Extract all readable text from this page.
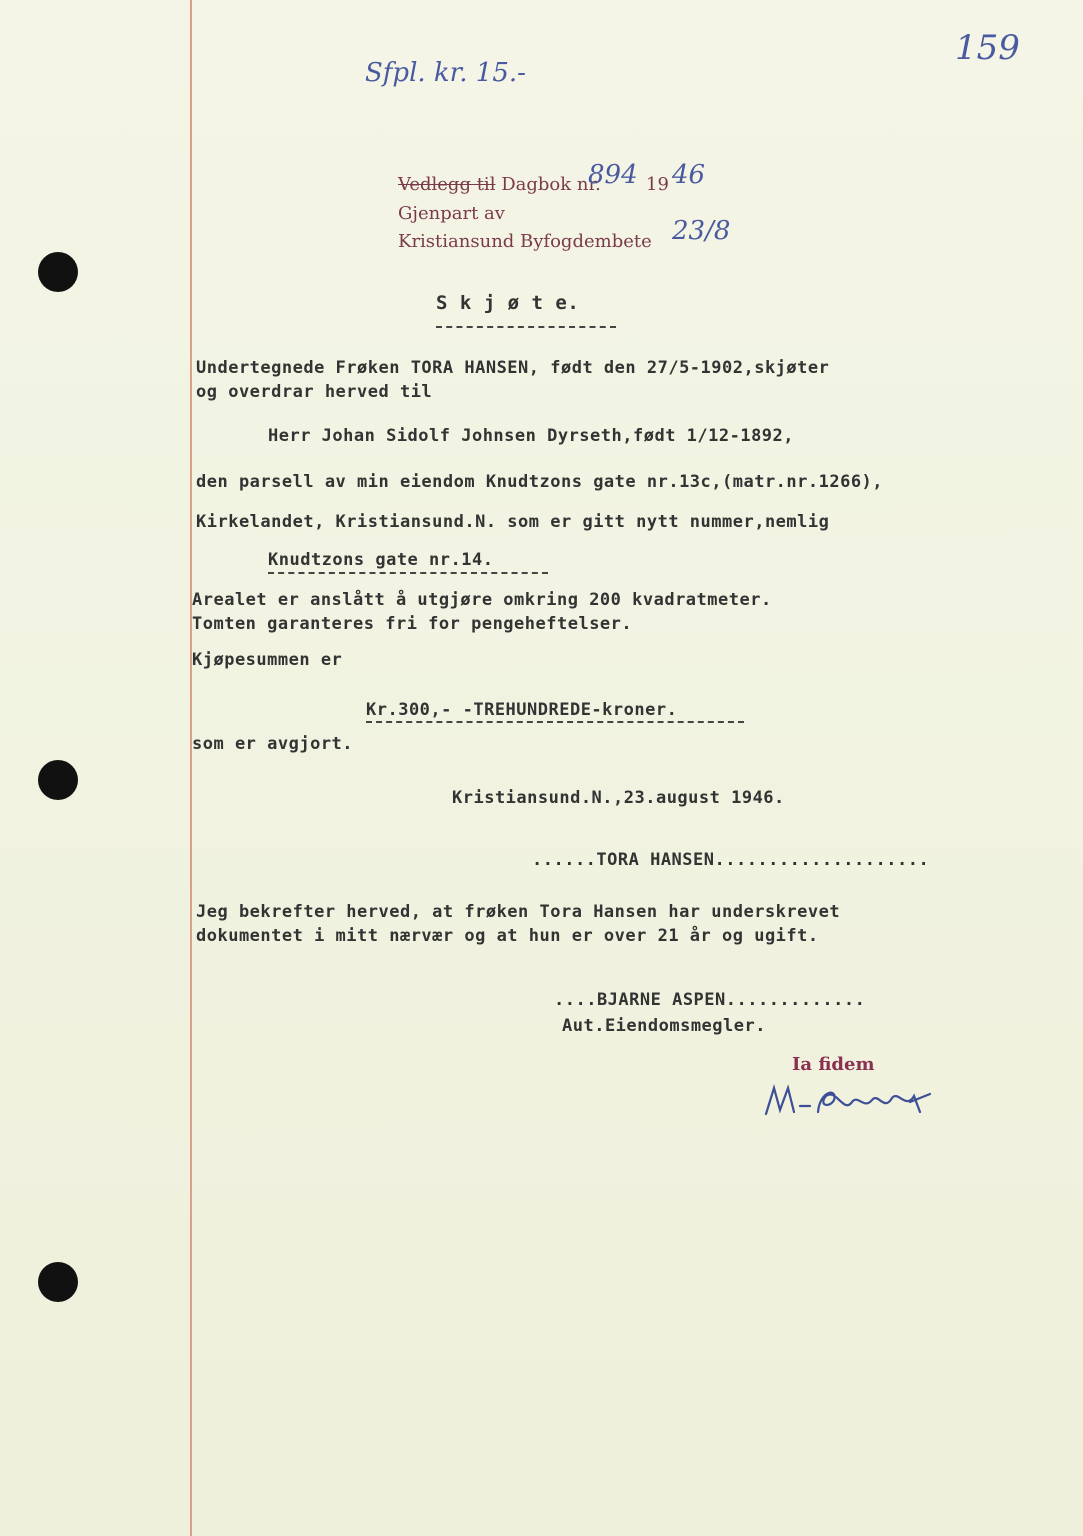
159
Sfpl. kr. 15.-
Vedlegg til Dagbok nr.
894 19 46
Gjenpart av
Kristiansund Byfogdembete 23/8
S k j ø t e.
Undertegnede Frøken TORA HANSEN, født den 27/5-1902,skjøter
og overdrar herved til
Herr Johan Sidolf Johnsen Dyrseth,født 1/12-1892,
den parsell av min eiendom Knudtzons gate nr.13c,(matr.nr.1266),
Kirkelandet, Kristiansund.N. som er gitt nytt nummer,nemlig
Knudtzons gate nr.14.
Arealet er anslått å utgjøre omkring 200 kvadratmeter.
Tomten garanteres fri for pengeheftelser.
Kjøpesummen er
Kr.300,- -TREHUNDREDE-kroner.
som er avgjort.
Kristiansund.N.,23.august 1946.
......TORA HANSEN....................
Jeg bekrefter herved, at frøken Tora Hansen har underskrevet
dokumentet i mitt nærvær og at hun er over 21 år og ugift.
....BJARNE ASPEN.............
Aut.Eiendomsmegler.
Ia fidem
